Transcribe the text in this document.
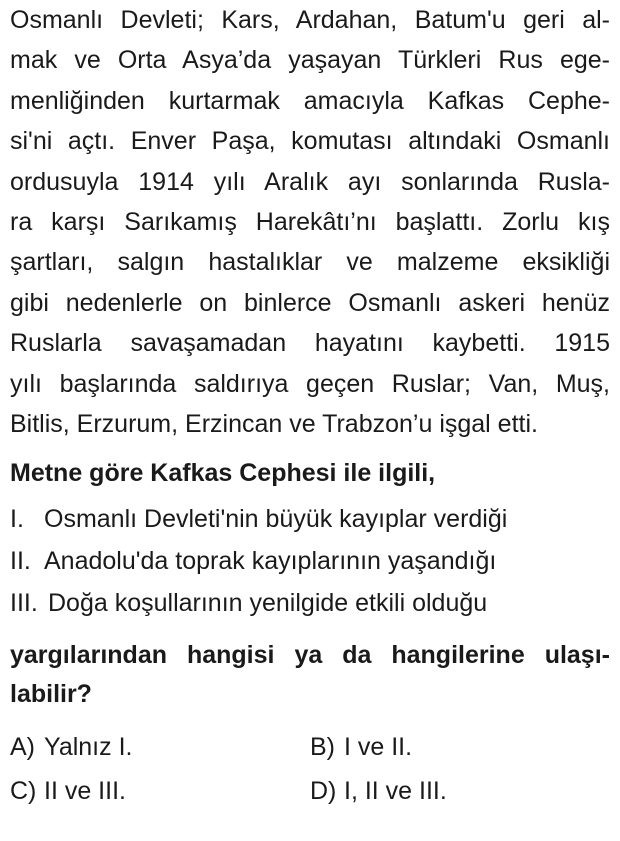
Osmanlı Devleti; Kars, Ardahan, Batum'u geri al-
mak ve Orta Asya’da yaşayan Türkleri Rus ege-
menliğinden kurtarmak amacıyla Kafkas Cephe-
si'ni açtı. Enver Paşa, komutası altındaki Osmanlı
ordusuyla 1914 yılı Aralık ayı sonlarında Rusla-
ra karşı Sarıkamış Harekâtı’nı başlattı. Zorlu kış
şartları, salgın hastalıklar ve malzeme eksikliği
gibi nedenlerle on binlerce Osmanlı askeri henüz
Ruslarla savaşamadan hayatını kaybetti. 1915
yılı başlarında saldırıya geçen Ruslar; Van, Muş,
Bitlis, Erzurum, Erzincan ve Trabzon’u işgal etti.
Metne göre Kafkas Cephesi ile ilgili,
I. Osmanlı Devleti'nin büyük kayıplar verdiği
II. Anadolu'da toprak kayıplarının yaşandığı
III. Doğa koşullarının yenilgide etkili olduğu
yargılarından hangisi ya da hangilerine ulaşı-
labilir?
A) Yalnız I.	B) I ve II.
C) II ve III.	D) I, II ve III.
